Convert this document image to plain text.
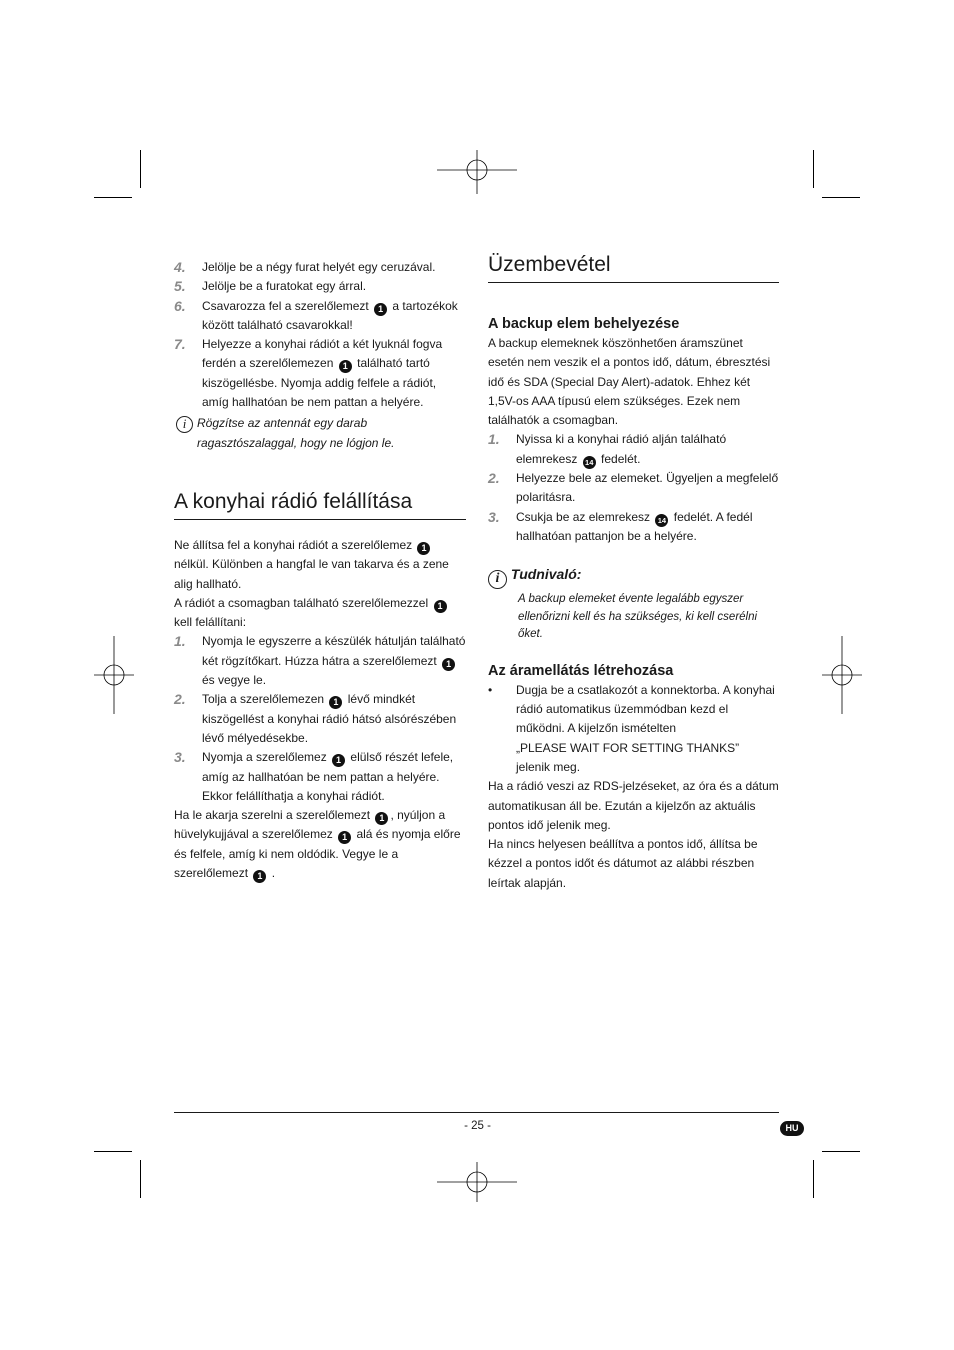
4. Jelölje be a négy furat helyét egy ceruzával.
5. Jelölje be a furatokat egy árral.
6. Csavarozza fel a szerelőlemezt 1 a tartozékok között található csavarokkal!
7. Helyezze a konyhai rádiót a két lyuknál fogva ferdén a szerelőlemezen 1 található tartó kiszögellésbe. Nyomja addig felfele a rádiót, amíg hallhatóan be nem pattan a helyére.
i Rögzítse az antennát egy darab ragasztószalaggal, hogy ne lógjon le.
A konyhai rádió felállítása

Ne állítsa fel a konyhai rádiót a szerelőlemez 1 nélkül. Különben a hangfal le van takarva és a zene alig hallható.

A rádiót a csomagban található szerelőlemezzel 1 kell felállítani:

1. Nyomja le egyszerre a készülék hátulján található két rögzítőkart. Húzza hátra a szerelőlemezt 1 és vegye le.
2. Tolja a szerelőlemezen 1 lévő mindkét kiszögellést a konyhai rádió hátsó alsórészében lévő mélyedésekbe.
3. Nyomja a szerelőlemez 1 elülső részét lefele, amíg az hallhatóan be nem pattan a helyére. Ekkor felállíthatja a konyhai rádiót.

Ha le akarja szerelni a szerelőlemezt 1 , nyúljon a hüvelykujjával a szerelőlemez 1 alá és nyomja előre és felfele, amíg ki nem oldódik. Vegye le a szerelőlemezt 1 .

Üzembevétel
A backup elem behelyezése

A backup elemeknek köszönhetően áramszünet esetén nem veszik el a pontos idő, dátum, ébresztési idő és SDA (Special Day Alert)-adatok. Ehhez két 1,5V-os AAA típusú elem szükséges. Ezek nem találhatók a csomagban.

1. Nyissa ki a konyhai rádió alján található elemrekesz 14 fedelét.
2. Helyezze bele az elemeket. Ügyeljen a megfelelő polaritásra.
3. Csukja be az elemrekesz 14 fedelét. A fedél hallhatóan pattanjon be a helyére.
i Tudnivaló:

A backup elemeket évente legalább egyszer ellenőrizni kell és ha szükséges, ki kell cserélni őket.

Az áramellátás létrehozása
• Dugja be a csatlakozót a konnektorba. A konyhai rádió automatikus üzemmódban kezd el működni. A kijelzőn ismételten
„PLEASE WAIT FOR SETTING THANKS”
jelenik meg.

Ha a rádió veszi az RDS-jelzéseket, az óra és a dátum automatikusan áll be. Ezután a kijelzőn az aktuális pontos idő jelenik meg.

Ha nincs helyesen beállítva a pontos idő, állítsa be kézzel a pontos időt és dátumot az alábbi részben leírtak alapján.

- 25 -	HU
